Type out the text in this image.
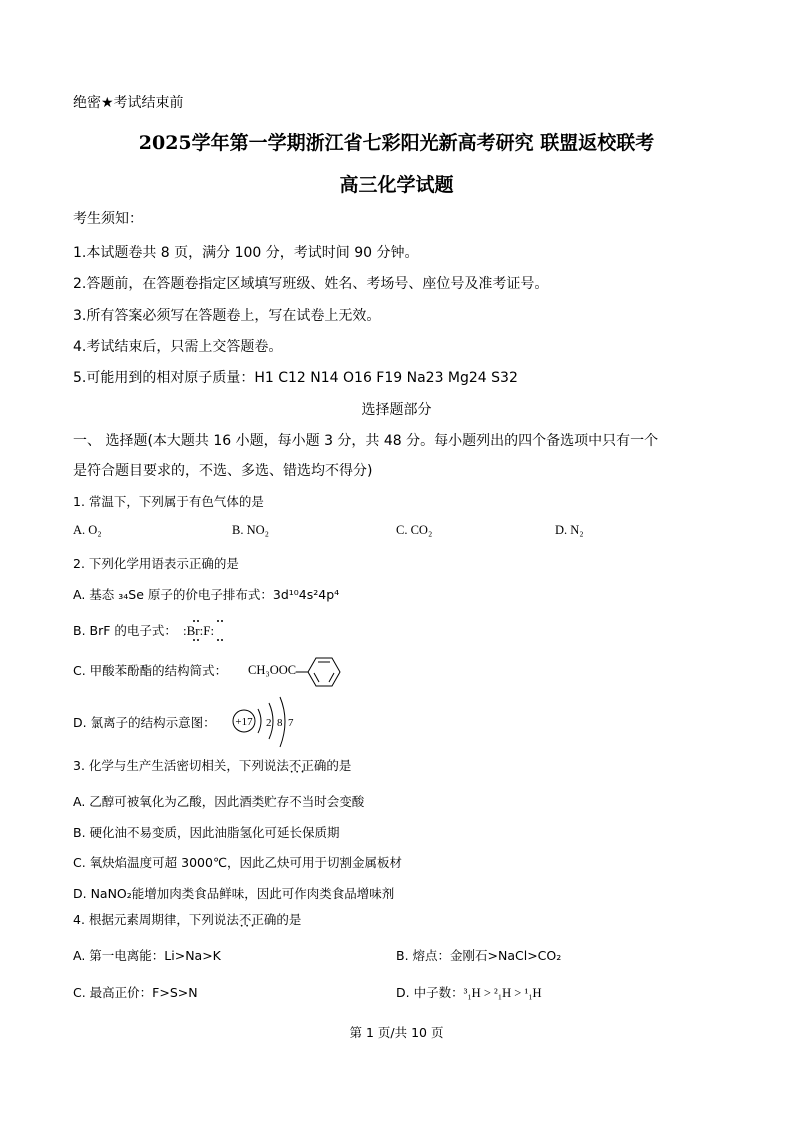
绝密★考试结束前
2025学年第一学期浙江省七彩阳光新高考研究 联盟返校联考
高三化学试题
考生须知：
1.本试题卷共 8 页，满分 100 分，考试时间 90 分钟。
2.答题前，在答题卷指定区域填写班级、姓名、考场号、座位号及准考证号。
3.所有答案必须写在答题卷上，写在试卷上无效。
4.考试结束后，只需上交答题卷。
5.可能用到的相对原子质量：H1 C12 N14 O16 F19 Na23 Mg24 S32
选择题部分
一、 选择题(本大题共 16 小题，每小题 3 分，共 48 分。每小题列出的四个备选项中只有一个
是符合题目要求的，不选、多选、错选均不得分)
1. 常温下，下列属于有色气体的是
A. O₂	B. NO₂	C. CO₂	D. N₂
2. 下列化学用语表示正确的是
A. 基态 ₃₄Se 原子的价电子排布式：3d¹⁰4s²4p⁴
B. BrF 的电子式： :Br:F:
C. 甲酸苯酚酯的结构简式： CH₃OOC
D. 氯离子的结构示意图： +17 2 8 7
3. 化学与生产生活密切相关，下列说法不正确 • • •的是
A. 乙醇可被氧化为乙酸，因此酒类贮存不当时会变酸
B. 硬化油不易变质，因此油脂氢化可延长保质期
C. 氧炔焰温度可超 3000℃，因此乙炔可用于切割金属板材
D. NaNO₂能增加肉类食品鲜味，因此可作肉类食品增味剂
4. 根据元素周期律，下列说法不正确 • • •的是
A. 第一电离能：Li>Na>K	B. 熔点：金刚石>NaCl>CO₂
C. 最高正价：F>S>N	D. 中子数：³₁H > ²₁H > ¹₁H
第 1 页/共 10 页
